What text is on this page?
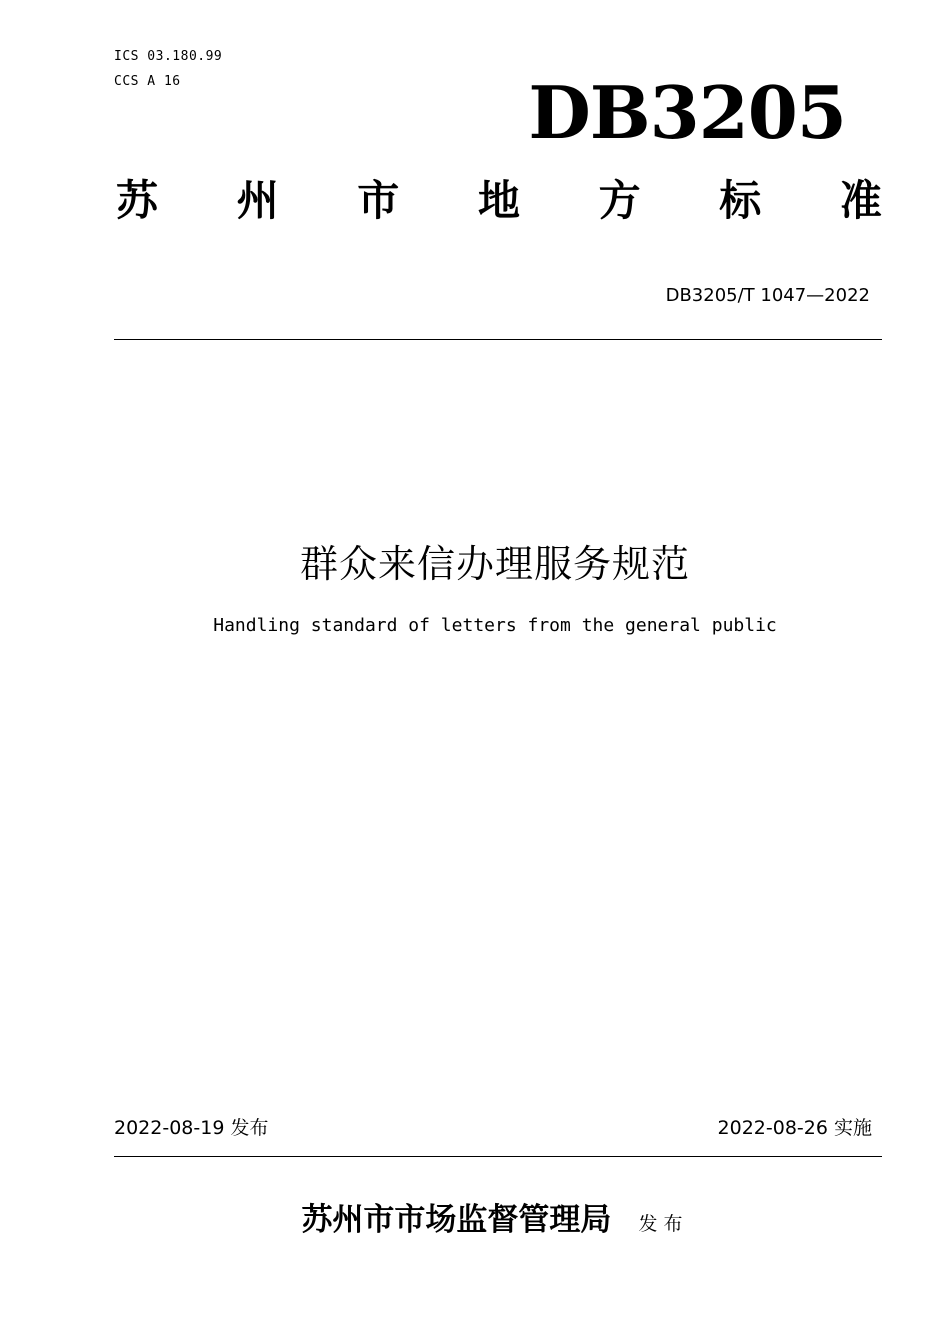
ICS 03.180.99
CCS A 16	DB3205
苏 州 市 地 方 标 准
DB3205/T 1047—2022
群众来信办理服务规范
Handling standard of letters from the general public
2022-08-19 发布	2022-08-26 实施
苏州市市场监督管理局 发布
